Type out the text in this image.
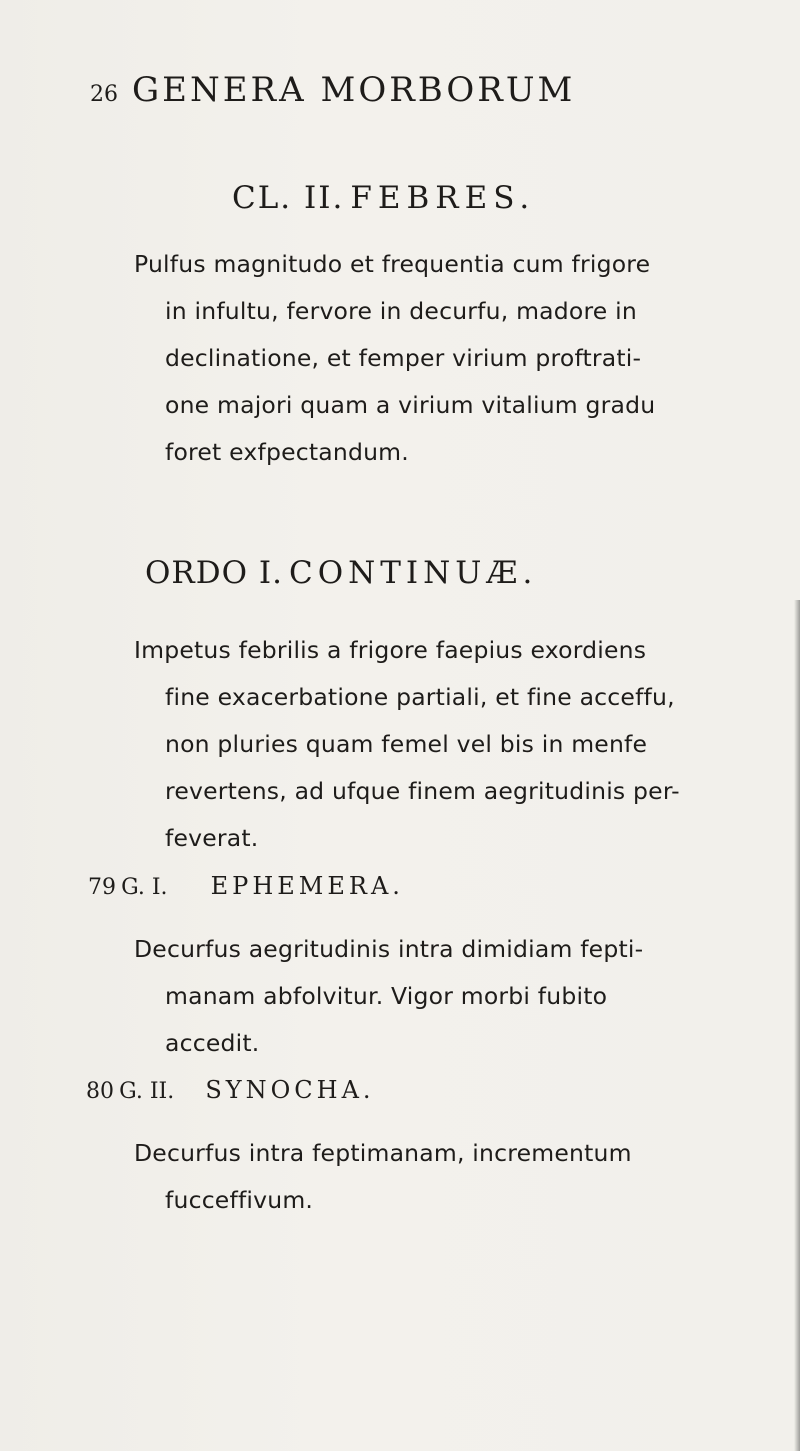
26 GENERA MORBORUM
CL. II. FEBRES.
Pulfus magnitudo et frequentia cum frigore
in infultu, fervore in decurfu, madore in
declinatione, et femper virium proftrati-
one majori quam a virium vitalium gradu
foret exfpectandum.
ORDO I. CONTINUÆ.
Impetus febrilis a frigore faepius exordiens
fine exacerbatione partiali, et fine acceffu,
non pluries quam femel vel bis in menfe
revertens, ad ufque finem aegritudinis per-
feverat.
79 G. I. EPHEMERA.
Decurfus aegritudinis intra dimidiam fepti-
manam abfolvitur. Vigor morbi fubito
accedit.
80 G. II. SYNOCHA.
Decurfus intra feptimanam, incrementum
fucceffivum.
